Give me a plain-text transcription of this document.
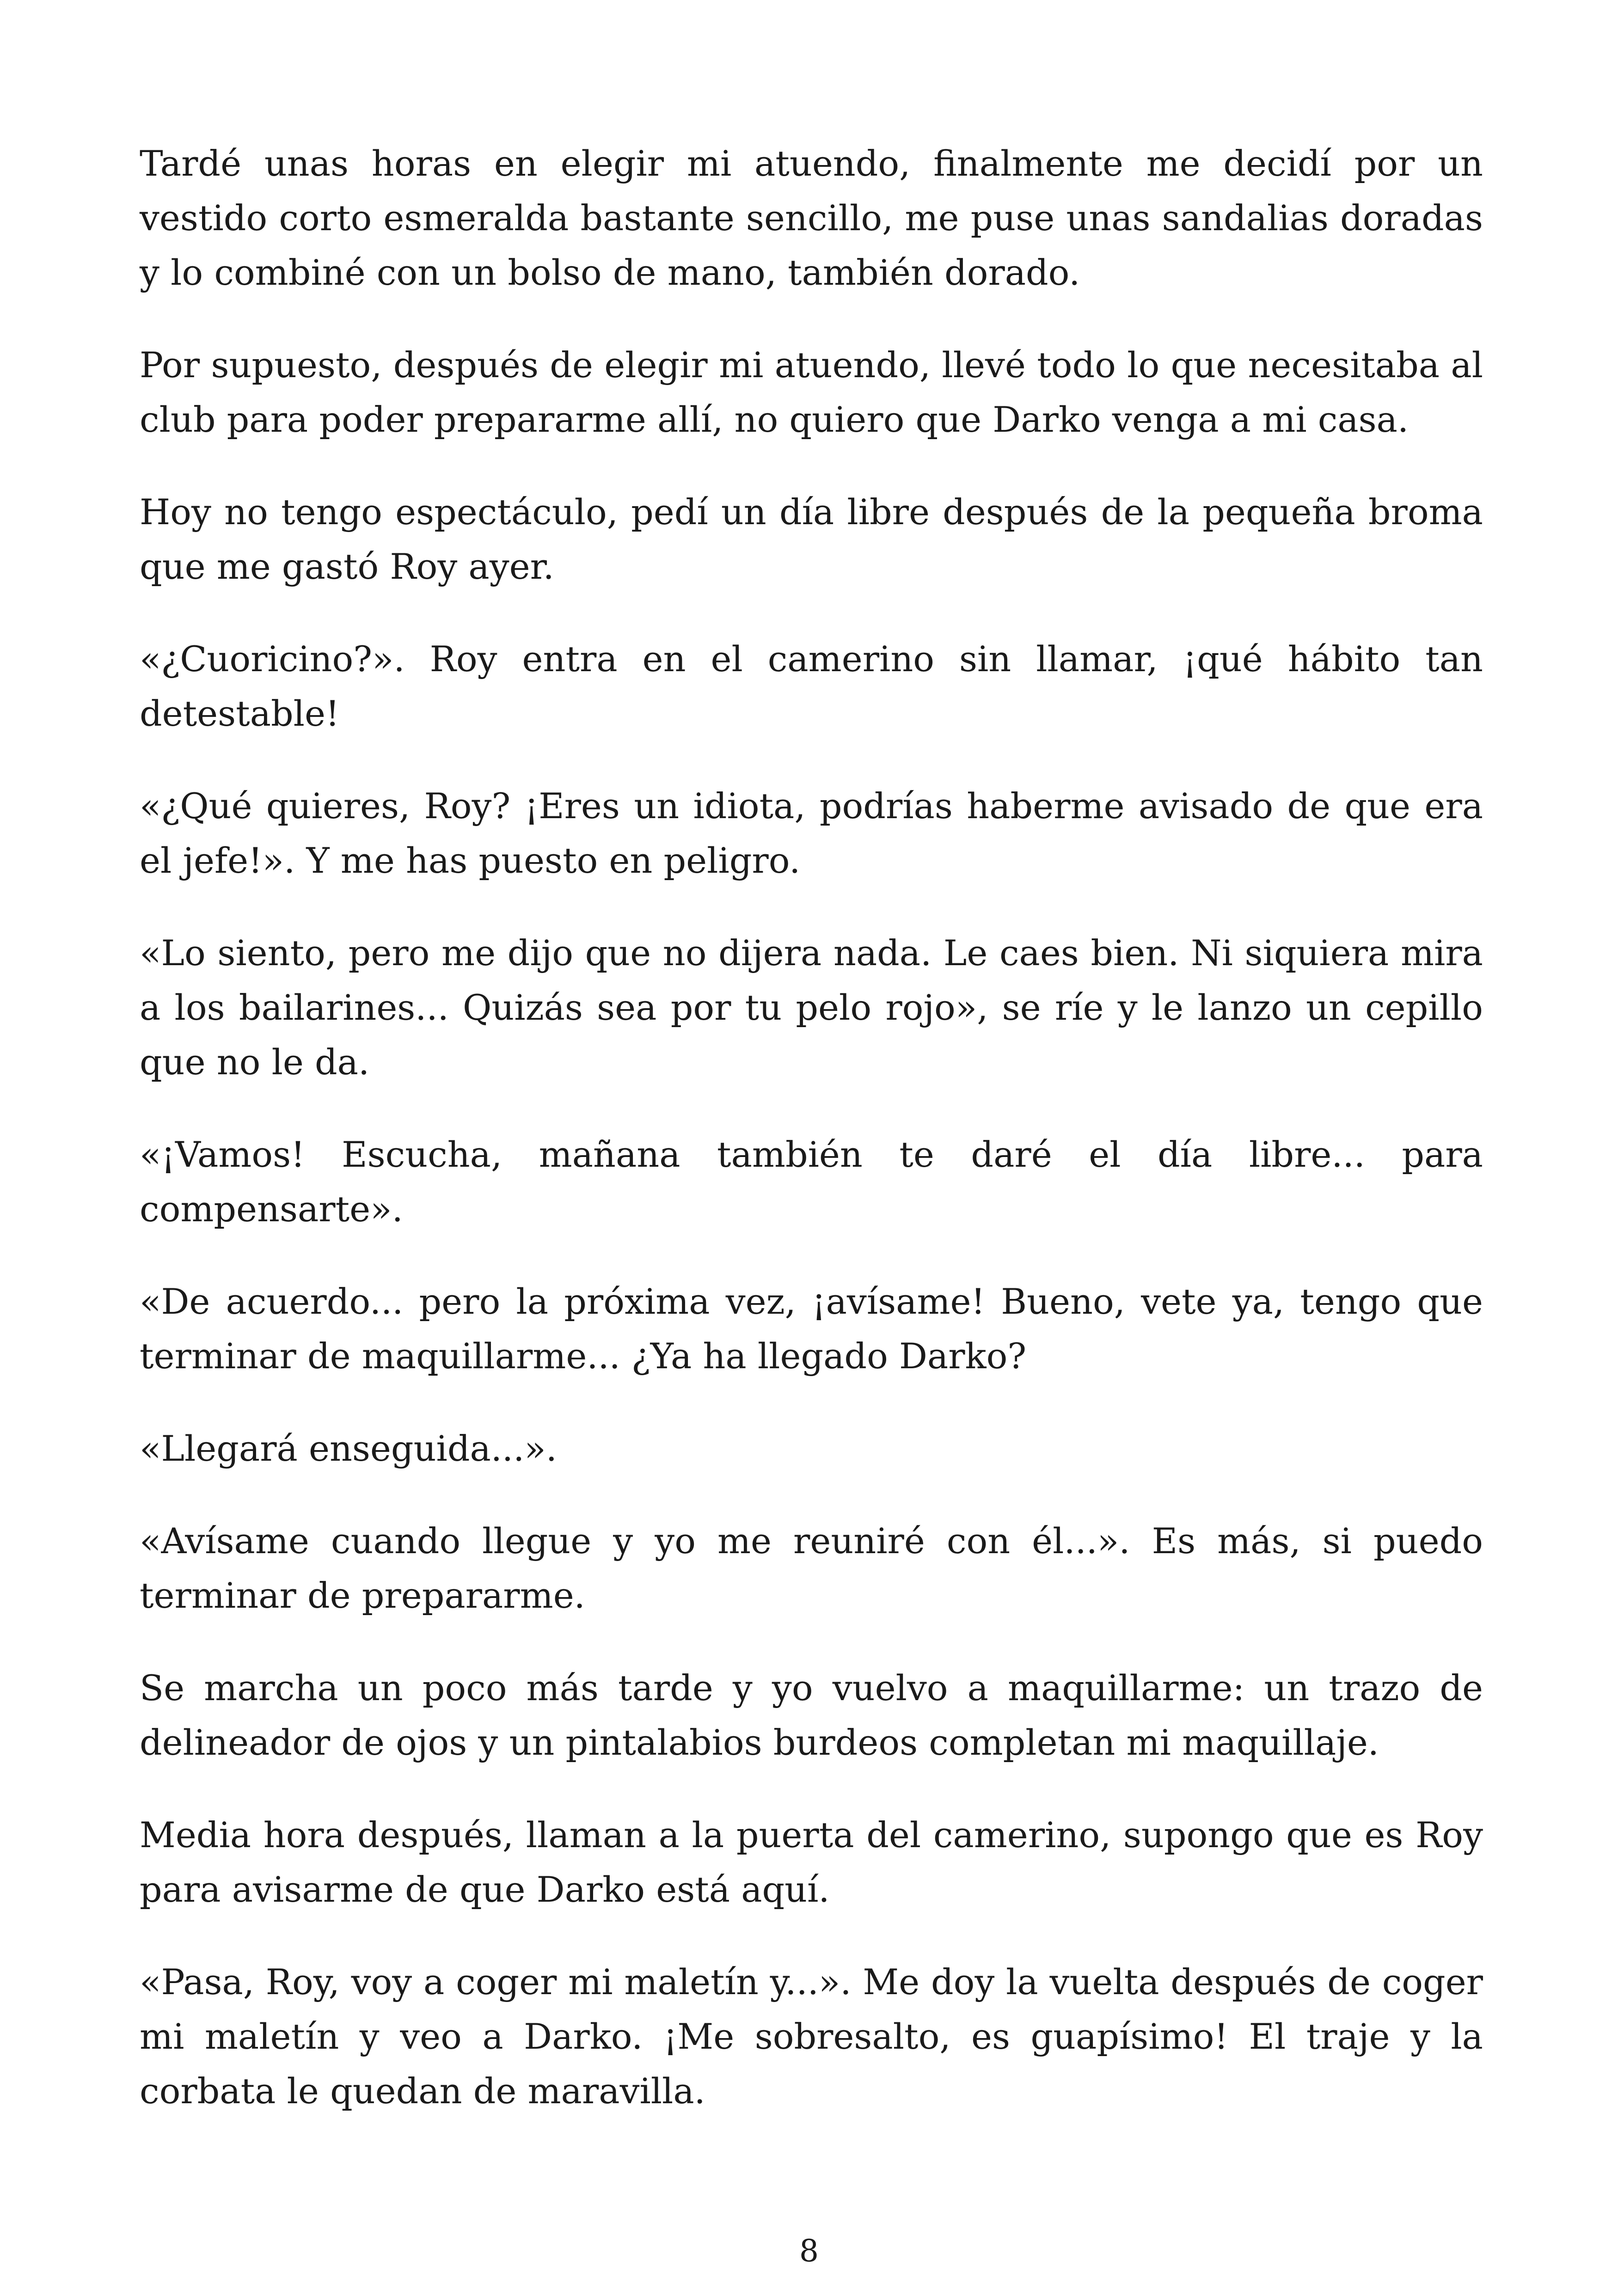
Tardé unas horas en elegir mi atuendo, finalmente me decidí por un vestido corto esmeralda bastante sencillo, me puse unas sandalias doradas y lo combiné con un bolso de mano, también dorado.

Por supuesto, después de elegir mi atuendo, llevé todo lo que necesitaba al club para poder prepararme allí, no quiero que Darko venga a mi casa.

Hoy no tengo espectáculo, pedí un día libre después de la pequeña broma que me gastó Roy ayer.

«¿Cuoricino?». Roy entra en el camerino sin llamar, ¡qué hábito tan detestable!

«¿Qué quieres, Roy? ¡Eres un idiota, podrías haberme avisado de que era el jefe!». Y me has puesto en peligro.

«Lo siento, pero me dijo que no dijera nada. Le caes bien. Ni siquiera mira a los bailarines... Quizás sea por tu pelo rojo», se ríe y le lanzo un cepillo que no le da.

«¡Vamos! Escucha, mañana también te daré el día libre... para compensarte».

«De acuerdo... pero la próxima vez, ¡avísame! Bueno, vete ya, tengo que terminar de maquillarme... ¿Ya ha llegado Darko?

«Llegará enseguida...».

«Avísame cuando llegue y yo me reuniré con él...». Es más, si puedo terminar de prepararme.

Se marcha un poco más tarde y yo vuelvo a maquillarme: un trazo de delineador de ojos y un pintalabios burdeos completan mi maquillaje.

Media hora después, llaman a la puerta del camerino, supongo que es Roy para avisarme de que Darko está aquí.

«Pasa, Roy, voy a coger mi maletín y...». Me doy la vuelta después de coger mi maletín y veo a Darko. ¡Me sobresalto, es guapísimo! El traje y la corbata le quedan de maravilla.

8
